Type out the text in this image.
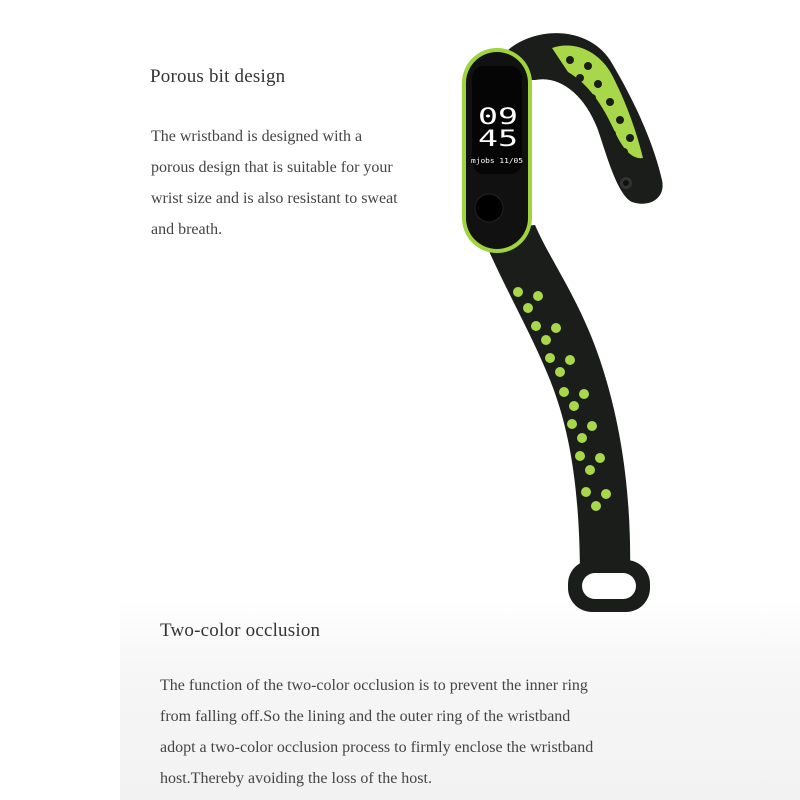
Porous bit design

The wristband is designed with a
porous design that is suitable for your
wrist size and is also resistant to sweat
and breath.

Two-color occlusion

The function of the two-color occlusion is to prevent the inner ring
from falling off.So the lining and the outer ring of the wristband
adopt a two-color occlusion process to firmly enclose the wristband
host.Thereby avoiding the loss of the host.

09
45
mjobs 11/05
